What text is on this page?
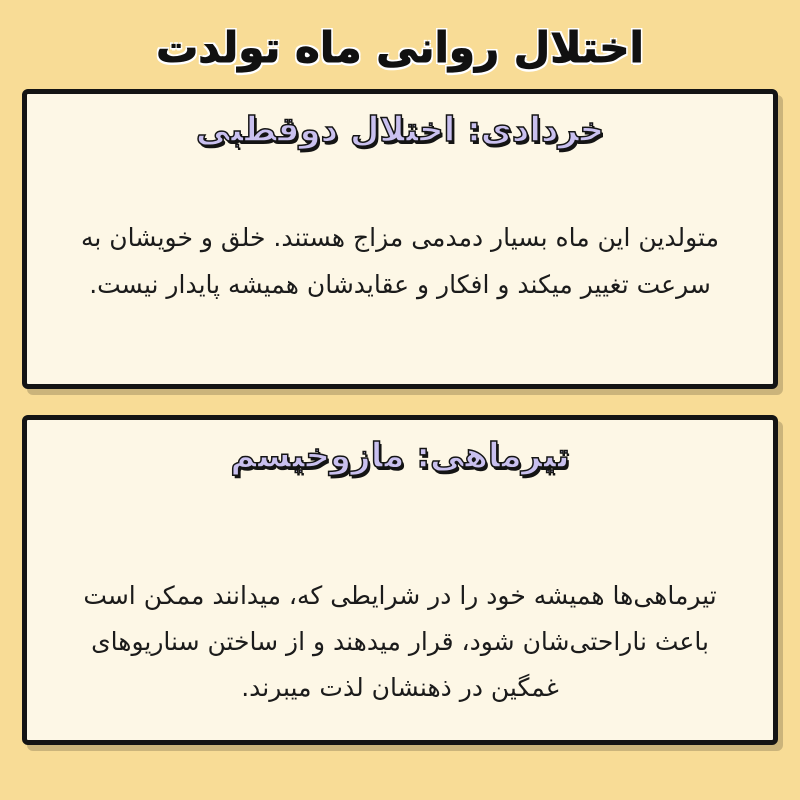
اختلال روانی ماه تولدت
خردادی: اختلال دوقطبی
متولدین این ماه بسیار دمدمی مزاج هستند. خلق و خویشان به سرعت تغییر میکند و افکار و عقایدشان همیشه پایدار نیست.
تیرماهی: مازوخیسم
تیرماهی‌ها همیشه خود را در شرایطی که، میدانند ممکن است باعث ناراحتی‌شان شود، قرار میدهند و از ساختن سناریوهای غمگین در ذهنشان لذت میبرند.
